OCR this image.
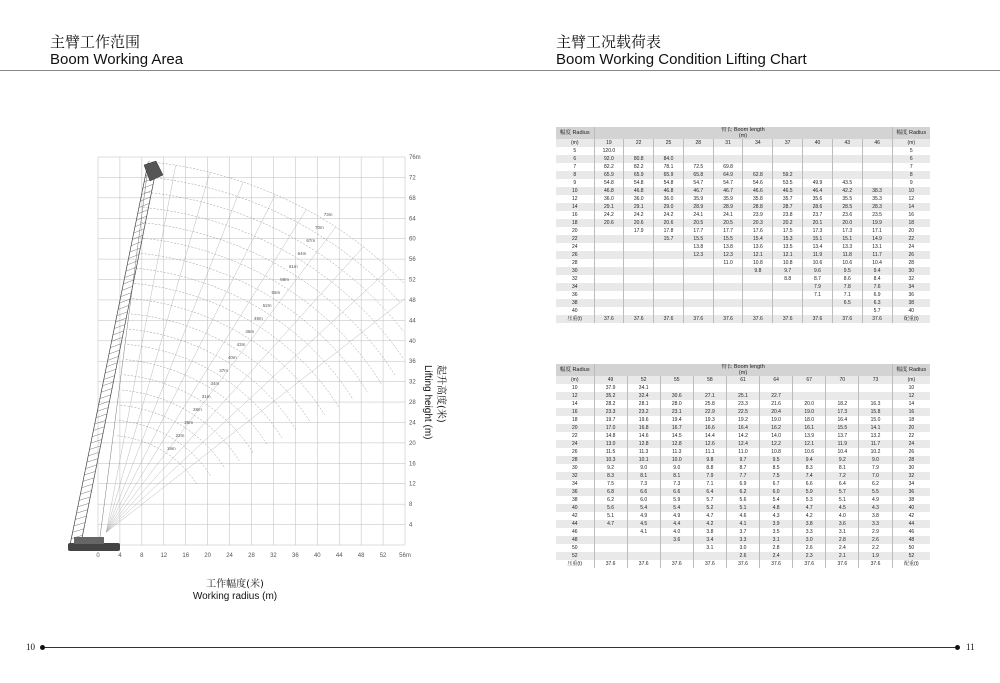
主臂工作范围
Boom Working Area
主臂工况载荷表
Boom Working Condition Lifting Chart
0	4	8	12	16	20	24	28	32	36	40	44	48	52 56m
4
8
12
16
20
24
28
32
36
40
44
48
52
56
60
64
68
72
76m
19m
22m
25m
28m
31m
34m
37m
40m
43m
46m
49m
52m
55m
58m
61m
64m
67m
70m
73m
起升高度(米)
Lifting height (m)
工作幅度(米)
Working radius (m)
幅度 Radius	臂长 Boom length
(m)										幅度 Radius
(m)	19	22	25	28	31	34	37	40	43	46	(m)
5	120.0										5
6	92.0	80.8	84.0								6
7	82.2	82.2	78.1	72.5	69.8						7
8	65.9	65.9	65.9	65.8	64.9	62.8	59.2				8
9	54.8	54.8	54.8	54.7	54.7	54.6	53.5	49.9	43.5		9
10	46.8	46.8	46.8	46.7	46.7	46.6	46.5	46.4	42.2	38.3	10
12	36.0	36.0	36.0	35.9	35.9	35.8	35.7	35.6	35.5	35.3	12
14	29.1	29.1	29.0	28.9	28.9	28.8	28.7	28.6	28.5	28.3	14
16	24.2	24.2	24.2	24.1	24.1	23.9	23.8	23.7	23.6	23.5	16
18	20.6	20.6	20.6	20.5	20.5	20.3	20.2	20.1	20.0	19.9	18
20		17.9	17.8	17.7	17.7	17.6	17.5	17.3	17.3	17.1	20
22			15.7	15.5	15.5	15.4	15.3	15.1	15.1	14.9	22
24				13.8	13.8	13.6	13.5	13.4	13.3	13.1	24
26				12.3	12.3	12.1	12.1	11.9	11.8	11.7	26
28					11.0	10.8	10.8	10.6	10.6	10.4	28
30						9.8	9.7	9.6	9.5	9.4	30
32							8.8	8.7	8.6	8.4	32
34								7.9	7.8	7.6	34
36								7.1	7.1	6.9	36
38									6.5	6.3	38
40										5.7	40
压重(t)	37.6	37.6	37.6	37.6	37.6	37.6	37.6	37.6	37.6	37.6	配重(t)
幅度 Radius	臂长 Boom length
(m)									幅度 Radius
(m)	49	52	55	58	61	64	67	70	73	(m)
10	37.9	34.1								10
12	35.2	32.4	30.6	27.1	25.1	22.7				12
14	28.2	28.1	28.0	25.8	23.3	21.6	20.0	18.2	16.3	14
16	23.3	23.2	23.1	22.9	22.5	20.4	19.0	17.3	15.8	16
18	19.7	19.6	19.4	19.3	19.2	19.0	18.0	16.4	15.0	18
20	17.0	16.8	16.7	16.6	16.4	16.2	16.1	15.5	14.1	20
22	14.8	14.6	14.5	14.4	14.2	14.0	13.9	13.7	13.2	22
24	13.0	12.8	12.8	12.6	12.4	12.2	12.1	11.9	11.7	24
26	11.5	11.3	11.3	11.1	11.0	10.8	10.6	10.4	10.2	26
28	10.3	10.1	10.0	9.8	9.7	9.5	9.4	9.2	9.0	28
30	9.2	9.0	9.0	8.8	8.7	8.5	8.3	8.1	7.9	30
32	8.3	8.1	8.1	7.9	7.7	7.5	7.4	7.2	7.0	32
34	7.5	7.3	7.3	7.1	6.9	6.7	6.6	6.4	6.2	34
36	6.8	6.6	6.6	6.4	6.2	6.0	5.9	5.7	5.5	36
38	6.2	6.0	5.9	5.7	5.6	5.4	5.3	5.1	4.9	38
40	5.6	5.4	5.4	5.2	5.1	4.8	4.7	4.5	4.3	40
42	5.1	4.9	4.9	4.7	4.6	4.3	4.2	4.0	3.8	42
44	4.7	4.5	4.4	4.2	4.1	3.9	3.8	3.6	3.3	44
46		4.1	4.0	3.8	3.7	3.5	3.3	3.1	2.9	46
48			3.6	3.4	3.3	3.1	3.0	2.8	2.6	48
50				3.1	3.0	2.8	2.6	2.4	2.2	50
52					2.6	2.4	2.3	2.1	1.9	52
压重(t)	37.6	37.6	37.6	37.6	37.6	37.6	37.6	37.6	37.6	配重(t)
10	11
